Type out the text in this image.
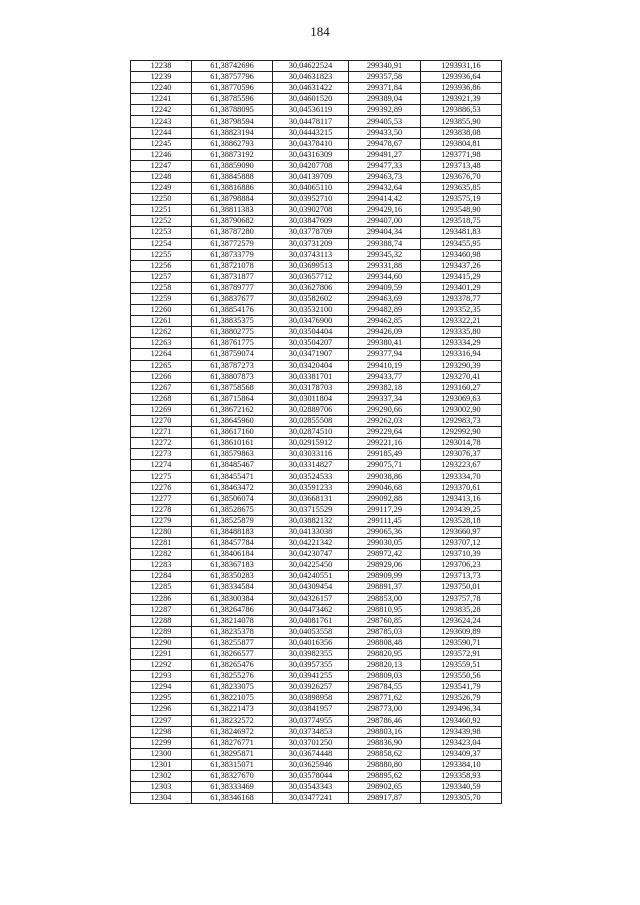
184
12238	61,38742696	30,04622524	299340,91	1293931,16
12239	61,38757796	30,04631823	299357,58	1293936,64
12240	61,38770596	30,04631422	299371,84	1293936,86
12241	61,38785596	30,04601520	299389,04	1293921,39
12242	61,38788095	30,04536119	299392,89	1293886,53
12243	61,38798594	30,04478117	299405,53	1293855,90
12244	61,38823194	30,04443215	299433,50	1293838,08
12245	61,38862793	30,04378410	299478,67	1293804,81
12246	61,38873192	30,04316309	299491,27	1293771,98
12247	61,38859090	30,04207708	299477,33	1293713,48
12248	61,38845888	30,04139709	299463,73	1293676,70
12249	61,38816886	30,04065110	299432,64	1293635,85
12250	61,38798884	30,03952710	299414,42	1293575,19
12251	61,38811383	30,03902708	299429,16	1293548,90
12252	61,38790682	30,03847609	299407,00	1293518,75
12253	61,38787280	30,03778709	299404,34	1293481,83
12254	61,38772579	30,03731209	299388,74	1293455,95
12255	61,38733779	30,03743113	299345,32	1293460,98
12256	61,38721078	30,03699513	299331,88	1293437,26
12257	61,38731877	30,03657712	299344,60	1293415,29
12258	61,38789777	30,03627806	299409,59	1293401,29
12259	61,38837677	30,03582602	299463,69	1293378,77
12260	61,38854176	30,03532100	299482,89	1293352,35
12261	61,38835375	30,03476900	299462,85	1293322,21
12262	61,38802775	30,03504404	299426,09	1293335,80
12263	61,38761775	30,03504207	299380,41	1293334,29
12264	61,38759074	30,03471907	299377,94	1293316,94
12265	61,38787273	30,03420404	299410,19	1293290,39
12266	61,38807873	30,03381701	299433,77	1293270,41
12267	61,38758568	30,03178703	299382,18	1293160,27
12268	61,38715864	30,03011804	299337,34	1293069,63
12269	61,38672162	30,02889706	299290,66	1293002,90
12270	61,38645960	30,02855508	299262,03	1292983,73
12271	61,38617160	30,02874510	299229,64	1292992,90
12272	61,38610161	30,02915912	299221,16	1293014,78
12273	61,38579863	30,03033116	299185,49	1293076,37
12274	61,38485467	30,03314827	299075,71	1293223,67
12275	61,38455471	30,03524533	299038,86	1293334,70
12276	61,38463472	30,03591233	299046,68	1293370,61
12277	61,38506074	30,03668131	299092,88	1293413,16
12278	61,38528675	30,03715529	299117,29	1293439,25
12279	61,38525879	30,03882132	299111,45	1293528,18
12280	61,38488183	30,04133038	299065,36	1293660,97
12281	61,38457784	30,04221342	299030,05	1293707,12
12282	61,38406184	30,04230747	298972,42	1293710,39
12283	61,38367183	30,04225450	298929,06	1293706,23
12284	61,38350283	30,04240551	298909,99	1293713,73
12285	61,38334584	30,04309454	298891,37	1293750,01
12286	61,38300384	30,04326157	298853,00	1293757,78
12287	61,38264786	30,04473462	298810,95	1293835,28
12288	61,38214078	30,04081761	298760,85	1293624,24
12289	61,38235378	30,04053558	298785,03	1293609,89
12290	61,38255877	30,04016356	298808,48	1293590,71
12291	61,38266577	30,03982355	298820,95	1293572,91
12292	61,38265476	30,03957355	298820,13	1293559,51
12293	61,38255276	30,03941255	298809,03	1293550,56
12294	61,38233075	30,03926257	298784,55	1293541,79
12295	61,38221075	30,03898958	298771,62	1293526,79
12296	61,38221473	30,03841957	298773,00	1293496,34
12297	61,38232572	30,03774955	298786,46	1293460,92
12298	61,38246972	30,03734853	298803,16	1293439,98
12299	61,38276771	30,03701250	298836,90	1293423,04
12300	61,38295871	30,03674448	298858,62	1293409,37
12301	61,38315071	30,03625946	298880,80	1293384,10
12302	61,38327670	30,03578044	298895,62	1293358,93
12303	61,38333469	30,03543343	298902,65	1293340,59
12304	61,38346168	30,03477241	298917,87	1293305,70
